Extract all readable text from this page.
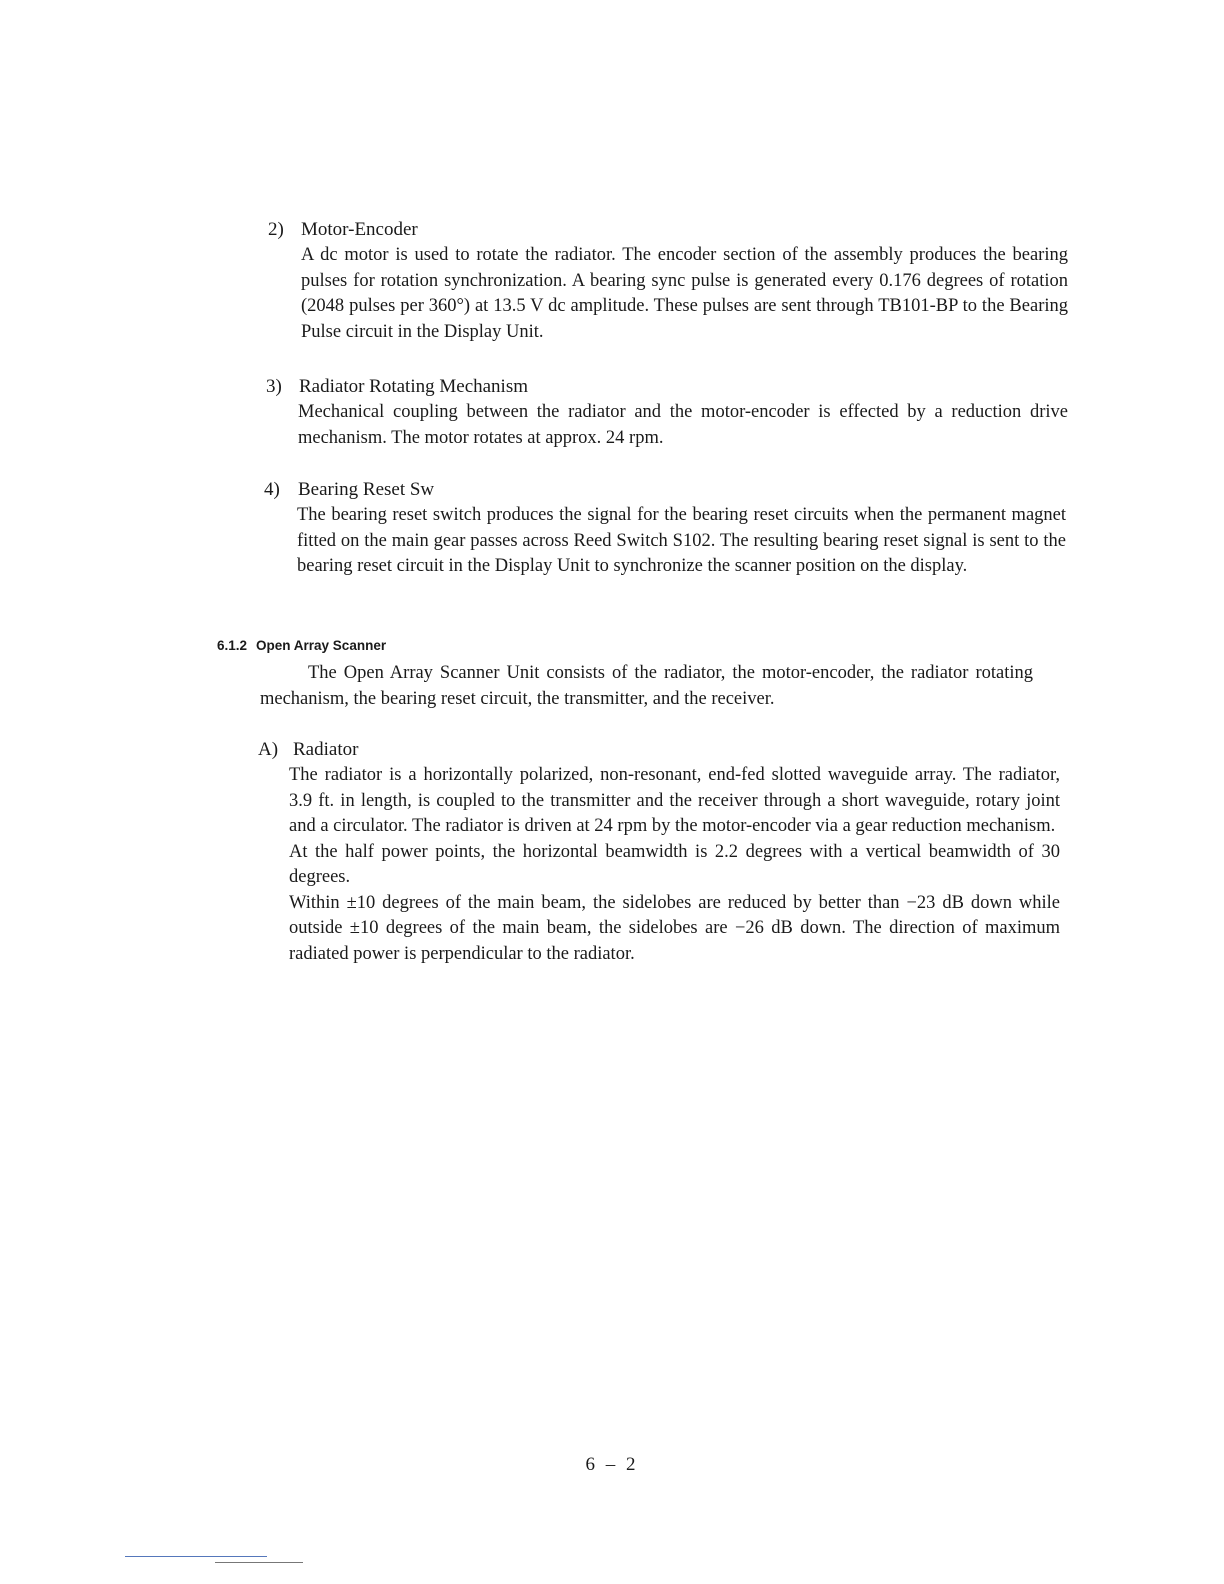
2) Motor-Encoder

A dc motor is used to rotate the radiator. The encoder section of the assembly produces the bearing pulses for rotation synchronization. A bearing sync pulse is generated every 0.176 degrees of rotation (2048 pulses per 360°) at 13.5 V dc amplitude. These pulses are sent through TB101-BP to the Bearing Pulse circuit in the Display Unit.

3) Radiator Rotating Mechanism

Mechanical coupling between the radiator and the motor-encoder is effected by a reduction drive mechanism. The motor rotates at approx. 24 rpm.

4) Bearing Reset Sw

The bearing reset switch produces the signal for the bearing reset circuits when the permanent magnet fitted on the main gear passes across Reed Switch S102. The resulting bearing reset signal is sent to the bearing reset circuit in the Display Unit to synchronize the scanner position on the display.

6.1.2 Open Array Scanner

The Open Array Scanner Unit consists of the radiator, the motor-encoder, the radiator rotating mechanism, the bearing reset circuit, the transmitter, and the receiver.

A) Radiator

The radiator is a horizontally polarized, non-resonant, end-fed slotted waveguide array. The radiator, 3.9 ft. in length, is coupled to the transmitter and the receiver through a short waveguide, rotary joint and a circulator. The radiator is driven at 24 rpm by the motor-encoder via a gear reduction mechanism.

At the half power points, the horizontal beamwidth is 2.2 degrees with a vertical beamwidth of 30 degrees.

Within ±10 degrees of the main beam, the sidelobes are reduced by better than −23 dB down while outside ±10 degrees of the main beam, the sidelobes are −26 dB down. The direction of maximum radiated power is perpendicular to the radiator.

6 – 2
